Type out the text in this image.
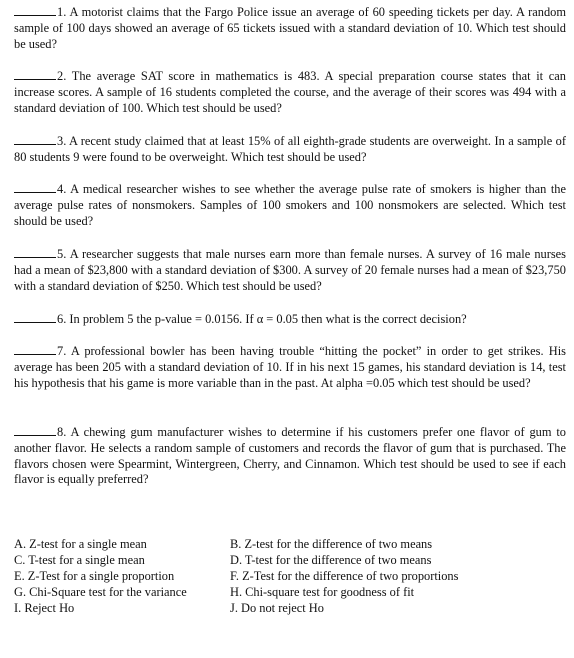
1. A motorist claims that the Fargo Police issue an average of 60 speeding tickets per day. A random sample of 100 days showed an average of 65 tickets issued with a standard deviation of 10. Which test should be used?
2. The average SAT score in mathematics is 483. A special preparation course states that it can increase scores. A sample of 16 students completed the course, and the average of their scores was 494 with a standard deviation of 100. Which test should be used?
3. A recent study claimed that at least 15% of all eighth-grade students are overweight. In a sample of 80 students 9 were found to be overweight. Which test should be used?
4. A medical researcher wishes to see whether the average pulse rate of smokers is higher than the average pulse rates of nonsmokers. Samples of 100 smokers and 100 nonsmokers are selected. Which test should be used?
5. A researcher suggests that male nurses earn more than female nurses. A survey of 16 male nurses had a mean of $23,800 with a standard deviation of $300. A survey of 20 female nurses had a mean of $23,750 with a standard deviation of $250. Which test should be used?
6. In problem 5 the p-value = 0.0156. If α = 0.05 then what is the correct decision?
7. A professional bowler has been having trouble “hitting the pocket” in order to get strikes. His average has been 205 with a standard deviation of 10. If in his next 15 games, his standard deviation is 14, test his hypothesis that his game is more variable than in the past. At alpha =0.05 which test should be used?
8. A chewing gum manufacturer wishes to determine if his customers prefer one flavor of gum to another flavor. He selects a random sample of customers and records the flavor of gum that is purchased. The flavors chosen were Spearmint, Wintergreen, Cherry, and Cinnamon. Which test should be used to see if each flavor is equally preferred?
A. Z-test for a single mean	B. Z-test for the difference of two means
C. T-test for a single mean	D. T-test for the difference of two means
E. Z-Test for a single proportion	F. Z-Test for the difference of two proportions
G. Chi-Square test for the variance	H. Chi-square test for goodness of fit
I. Reject Ho	J. Do not reject Ho
